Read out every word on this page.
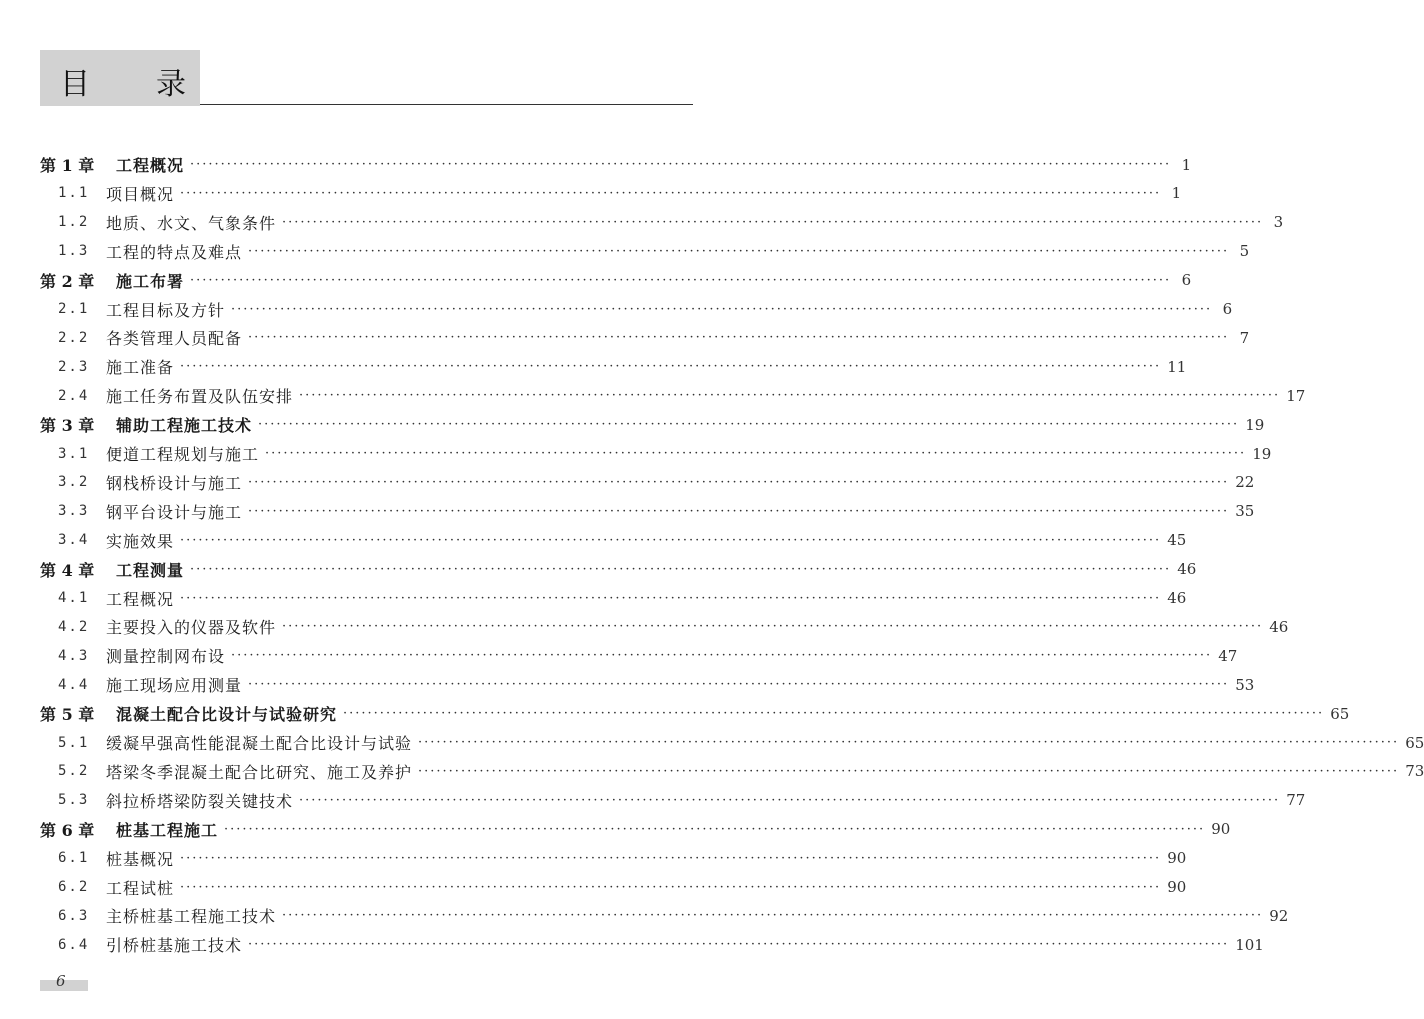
目 录
第 1 章	工程概况 ································································································································································ 1
1.1	项目概况 ································································································································································ 1
1.2	地质、水文、气象条件 ································································································································································ 3
1.3	工程的特点及难点 ································································································································································ 5
第 2 章	施工布署 ································································································································································ 6
2.1	工程目标及方针 ································································································································································ 6
2.2	各类管理人员配备 ································································································································································ 7
2.3	施工准备 ································································································································································ 11
2.4	施工任务布置及队伍安排 ································································································································································ 17
第 3 章	辅助工程施工技术 ································································································································································ 19
3.1	便道工程规划与施工 ································································································································································ 19
3.2	钢栈桥设计与施工 ································································································································································ 22
3.3	钢平台设计与施工 ································································································································································ 35
3.4	实施效果 ································································································································································ 45
第 4 章	工程测量 ································································································································································ 46
4.1	工程概况 ································································································································································ 46
4.2	主要投入的仪器及软件 ································································································································································ 46
4.3	测量控制网布设 ································································································································································ 47
4.4	施工现场应用测量 ································································································································································ 53
第 5 章	混凝土配合比设计与试验研究 ································································································································································ 65
5.1	缓凝早强高性能混凝土配合比设计与试验 ································································································································································ 65
5.2	塔梁冬季混凝土配合比研究、施工及养护 ································································································································································ 73
5.3	斜拉桥塔梁防裂关键技术 ································································································································································ 77
第 6 章	桩基工程施工 ································································································································································ 90
6.1	桩基概况 ································································································································································ 90
6.2	工程试桩 ································································································································································ 90
6.3	主桥桩基工程施工技术 ································································································································································ 92
6.4	引桥桩基施工技术 ································································································································································ 101
6
